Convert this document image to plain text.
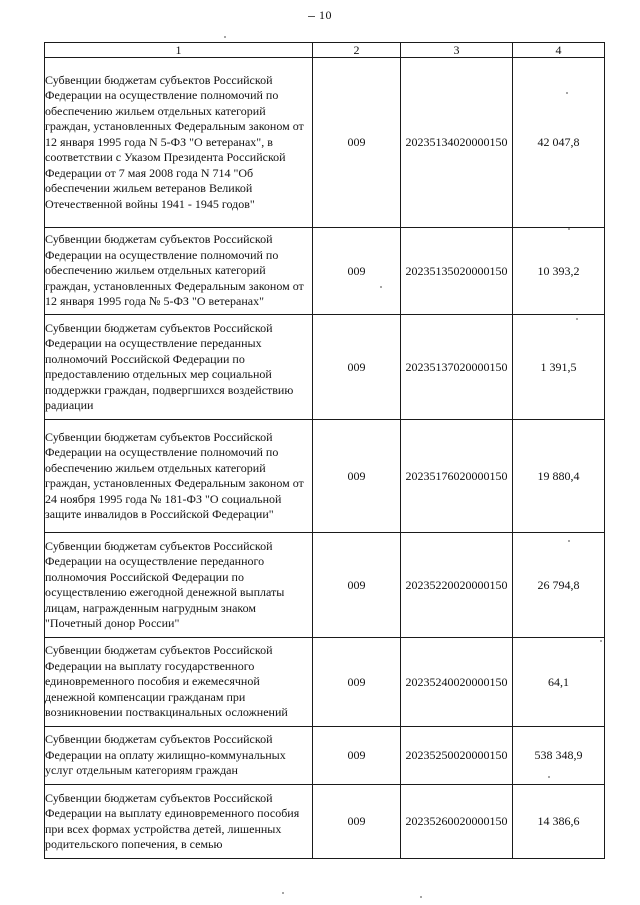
10
1	2	3	4
Субвенции бюджетам субъектов Российской Федерации на осуществление полномочий по обеспечению жильем отдельных категорий граждан, установленных Федеральным законом от 12 января 1995 года N 5-ФЗ "О ветеранах", в соответствии с Указом Президента Российской Федерации от 7 мая 2008 года N 714 "Об обеспечении жильем ветеранов Великой Отечественной войны 1941 - 1945 годов"	009	20235134020000150	42 047,8
Субвенции бюджетам субъектов Российской Федерации на осуществление полномочий по обеспечению жильем отдельных категорий граждан, установленных Федеральным законом от 12 января 1995 года № 5-ФЗ "О ветеранах"	009	20235135020000150	10 393,2
Субвенции бюджетам субъектов Российской Федерации на осуществление переданных полномочий Российской Федерации по предоставлению отдельных мер социальной поддержки граждан, подвергшихся воздействию радиации	009	20235137020000150	1 391,5
Субвенции бюджетам субъектов Российской Федерации на осуществление полномочий по обеспечению жильем отдельных категорий граждан, установленных Федеральным законом от 24 ноября 1995 года № 181-ФЗ "О социальной защите инвалидов в Российской Федерации"	009	20235176020000150	19 880,4
Субвенции бюджетам субъектов Российской Федерации на осуществление переданного полномочия Российской Федерации по осуществлению ежегодной денежной выплаты лицам, награжденным нагрудным знаком "Почетный донор России"	009	20235220020000150	26 794,8
Субвенции бюджетам субъектов Российской Федерации на выплату государственного единовременного пособия и ежемесячной денежной компенсации гражданам при возникновении поствакцинальных осложнений	009	20235240020000150	64,1
Субвенции бюджетам субъектов Российской Федерации на оплату жилищно-коммунальных услуг отдельным категориям граждан	009	20235250020000150	538 348,9
Субвенции бюджетам субъектов Российской Федерации на выплату единовременного пособия при всех формах устройства детей, лишенных родительского попечения, в семью	009	20235260020000150	14 386,6
